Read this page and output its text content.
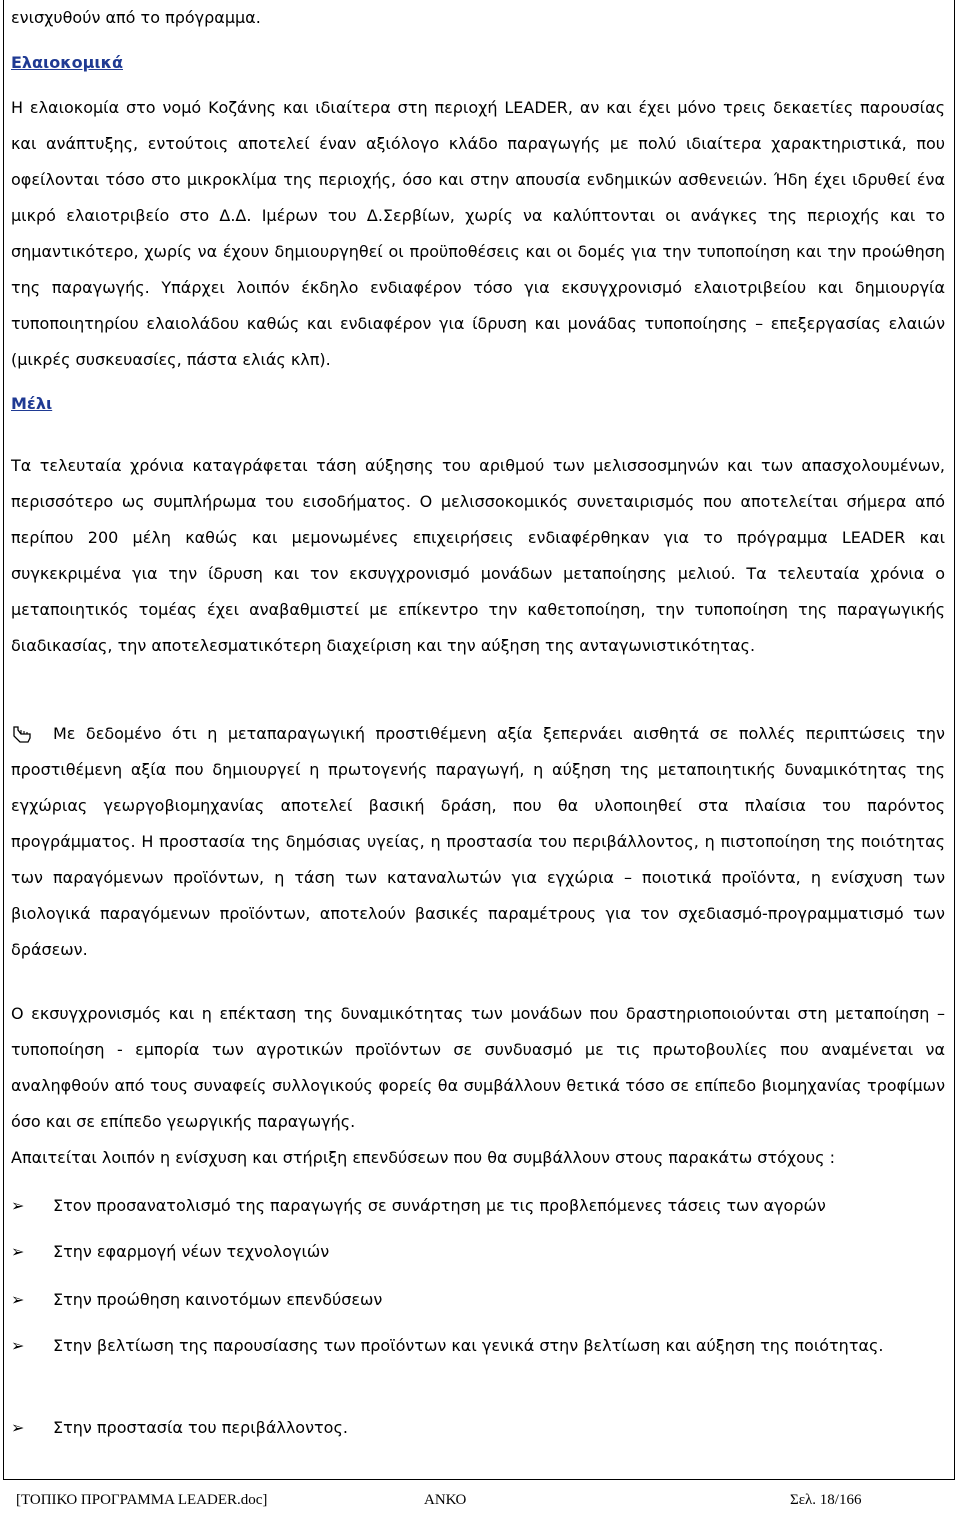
ενισχυθούν από το πρόγραμμα.

Ελαιοκομικά

Η ελαιοκομία στο νομό Κοζάνης και ιδιαίτερα στη περιοχή LEADER, αν και έχει μόνο τρεις δεκαετίες παρουσίας και ανάπτυξης, εντούτοις αποτελεί έναν αξιόλογο κλάδο παραγωγής με πολύ ιδιαίτερα χαρακτηριστικά, που οφείλονται τόσο στο μικροκλίμα της περιοχής, όσο και στην απουσία ενδημικών ασθενειών. Ήδη έχει ιδρυθεί ένα μικρό ελαιοτριβείο στο Δ.Δ. Ιμέρων του Δ.Σερβίων, χωρίς να καλύπτονται οι ανάγκες της περιοχής και το σημαντικότερο, χωρίς να έχουν δημιουργηθεί οι προϋποθέσεις και οι δομές για την τυποποίηση και την προώθηση της παραγωγής. Υπάρχει λοιπόν έκδηλο ενδιαφέρον τόσο για εκσυγχρονισμό ελαιοτριβείου και δημιουργία τυποποιητηρίου ελαιολάδου καθώς και ενδιαφέρον για ίδρυση και μονάδας τυποποίησης – επεξεργασίας ελαιών (μικρές συσκευασίες, πάστα ελιάς κλπ).

Μέλι

Τα τελευταία χρόνια καταγράφεται τάση αύξησης του αριθμού των μελισσοσμηνών και των απασχολουμένων, περισσότερο ως συμπλήρωμα του εισοδήματος. Ο μελισσοκομικός συνεταιρισμός που αποτελείται σήμερα από περίπου 200 μέλη καθώς και μεμονωμένες επιχειρήσεις ενδιαφέρθηκαν για το πρόγραμμα LEADER και συγκεκριμένα για την ίδρυση και τον εκσυγχρονισμό μονάδων μεταποίησης μελιού. Τα τελευταία χρόνια ο μεταποιητικός τομέας έχει αναβαθμιστεί με επίκεντρο την καθετοποίηση, την τυποποίηση της παραγωγικής διαδικασίας, την αποτελεσματικότερη διαχείριση και την αύξηση της ανταγωνιστικότητας.

Με δεδομένο ότι η μεταπαραγωγική προστιθέμενη αξία ξεπερνάει αισθητά σε πολλές περιπτώσεις την προστιθέμενη αξία που δημιουργεί η πρωτογενής παραγωγή, η αύξηση της μεταποιητικής δυναμικότητας της εγχώριας γεωργοβιομηχανίας αποτελεί βασική δράση, που θα υλοποιηθεί στα πλαίσια του παρόντος προγράμματος. Η προστασία της δημόσιας υγείας, η προστασία του περιβάλλοντος, η πιστοποίηση της ποιότητας των παραγόμενων προϊόντων, η τάση των καταναλωτών για εγχώρια – ποιοτικά προϊόντα, η ενίσχυση των βιολογικά παραγόμενων προϊόντων, αποτελούν βασικές παραμέτρους για τον σχεδιασμό-προγραμματισμό των δράσεων.

Ο εκσυγχρονισμός και η επέκταση της δυναμικότητας των μονάδων που δραστηριοποιούνται στη μεταποίηση – τυποποίηση - εμπορία των αγροτικών προϊόντων σε συνδυασμό με τις πρωτοβουλίες που αναμένεται να αναληφθούν από τους συναφείς συλλογικούς φορείς θα συμβάλλουν θετικά τόσο σε επίπεδο βιομηχανίας τροφίμων όσο και σε επίπεδο γεωργικής παραγωγής.

Απαιτείται λοιπόν η ενίσχυση και στήριξη επενδύσεων που θα συμβάλλουν στους παρακάτω στόχους :

➢	Στον προσανατολισμό της παραγωγής σε συνάρτηση με τις προβλεπόμενες τάσεις των αγορών
➢	Στην εφαρμογή νέων τεχνολογιών
➢	Στην προώθηση καινοτόμων επενδύσεων
➢	Στην βελτίωση της παρουσίασης των προϊόντων και γενικά στην βελτίωση και αύξηση της ποιότητας.
➢	Στην προστασία του περιβάλλοντος.
[ΤΟΠΙΚΟ ΠΡΟΓΡΑΜΜΑ LEADER.doc]	ΑΝΚΟ	Σελ. 18/166
